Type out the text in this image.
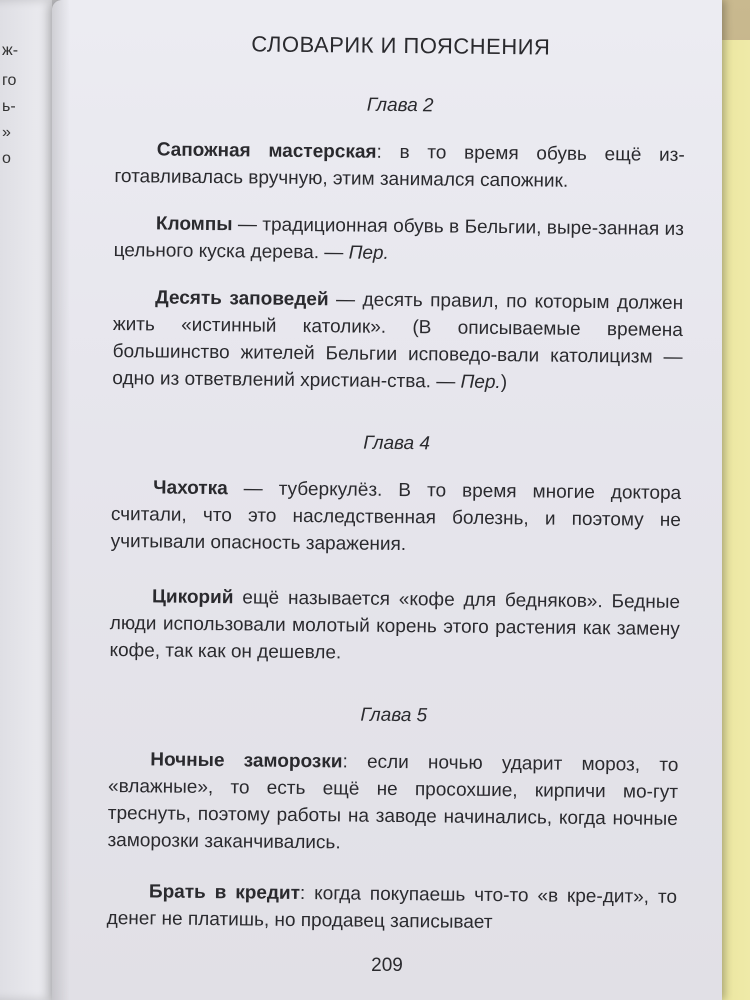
ж-
го
ь-
»
о
СЛОВАРИК И ПОЯСНЕНИЯ

Глава 2

Сапожная мастерская: в то время обувь ещё из-готавливалась вручную, этим занимался сапожник.

Кломпы — традиционная обувь в Бельгии, выре-занная из цельного куска дерева. — Пер.

Десять заповедей — десять правил, по которым должен жить «истинный католик». (В описываемые времена большинство жителей Бельгии исповедо-вали католицизм — одно из ответвлений христиан-ства. — Пер.)

Глава 4

Чахотка — туберкулёз. В то время многие доктора считали, что это наследственная болезнь, и поэтому не учитывали опасность заражения.

Цикорий ещё называется «кофе для бедняков». Бедные люди использовали молотый корень этого растения как замену кофе, так как он дешевле.

Глава 5

Ночные заморозки: если ночью ударит мороз, то «влажные», то есть ещё не просохшие, кирпичи мо-гут треснуть, поэтому работы на заводе начинались, когда ночные заморозки заканчивались.

Брать в кредит: когда покупаешь что-то «в кре-дит», то денег не платишь, но продавец записывает

209
